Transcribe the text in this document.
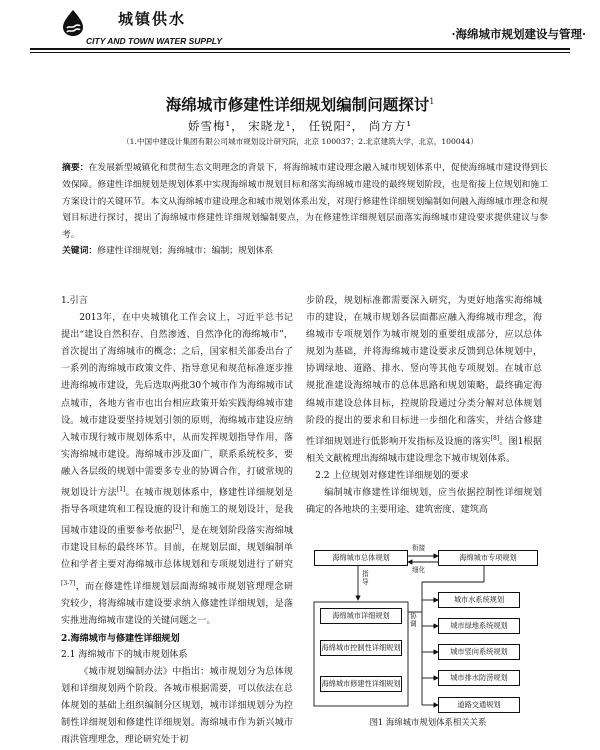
城镇供水
CITY AND TOWN WATER SUPPLY	·海绵城市规划建设与管理·
海绵城市修建性详细规划编制问题探讨$^1$
娇雪梅¹， 宋晓龙¹， 任锐阳²， 尚方方¹
（1.中国中建设计集团有限公司城市规划设计研究院，北京 100037；2.北京建筑大学，北京，100044）
摘要：在发展新型城镇化和贯彻生态文明理念的背景下，将海绵城市建设理念融入城市规划体系中，促使海绵城市建设得到长效保障。修建性详细规划是规划体系中实现海绵城市规划目标和落实海绵城市建设的最终规划阶段，也是衔接上位规划和施工方案设计的关键环节。本文从海绵城市建设理念和城市规划体系出发，对现行修建性详细规划编制如何融入海绵城市理念和规划目标进行探讨，提出了海绵城市修建性详细规划编制要点，为在修建性详细规划层面落实海绵城市建设要求提供建议与参考。
关键词：修建性详细规划；海绵城市；编制；规划体系

1.引言

2013年，在中央城镇化工作会议上，习近平总书记提出“建设自然积存、自然渗透、自然净化的海绵城市”，首次提出了海绵城市的概念；之后，国家相关部委出台了一系列的海绵城市政策文件、指导意见和规范标准逐步推进海绵城市建设，先后选取两批30个城市作为海绵城市试点城市，各地方省市也出台相应政策开始实践海绵城市建设。城市建设要坚持规划引领的原则，海绵城市建设应纳入城市现行城市规划体系中，从而发挥规划指导作用，落实海绵城市建设。海绵城市涉及面广，联系系统校多，要融入各层级的规划中需要多专业的协调合作，打破常规的规划设计方法[1]。在城市规划体系中，修建性详细规划是指导各项建筑和工程设施的设计和施工的规划设计，是我国城市建设的重要参考依据[2]，是在规划阶段落实海绵城市建设目标的最终环节。目前，在规划层面，规划编制单位和学者主要对海绵城市总体规划和专项规划进行了研究[3-7]，而在修建性详细规划层面海绵城市规划管理理念研究较少，将海绵城市建设要求纳入修建性详细规划，是落实推进海绵城市建设的关键问题之一。

2.海绵城市与修建性详细规划

2.1 海绵城市下的城市规划体系

《城市规划编制办法》中指出：城市规划分为总体规划和详细规划两个阶段。各城市根据需要，可以依法在总体规划的基础上组织编制分区规划，城市详细规划分为控制性详细规划和修建性详细规划。海绵城市作为新兴城市雨洪管理理念，理论研究处于初

步阶段，规划标准都需要深入研究，为更好地落实海绵城市的建设，在城市规划各层面都应融入海绵城市理念，海绵城市专项规划作为城市规划的重要组成部分，应以总体规划为基础，并将海绵城市建设要求反馈到总体规划中，协调绿地、道路、排水、竖向等其他专项规划。在城市总规批准建设海绵城市的总体思路和规划策略，最终确定海绵城市建设总体目标，控规阶段通过分类分解对总体规划阶段的提出的要求和目标进一步细化和落实，并结合修建性详细规划进行低影响开发指标及设施的落实[8]。图1根据相关文献梳理出海绵城市建设理念下城市规划体系。

2.2 上位规划对修建性详细规划的要求

编制城市修建性详细规划，应当依据控制性详细规划确定的各地块的主要用途、建筑密度、建筑高

海绵城市总体规划	海绵城市专项规划
衔接
细化
指导
协调
海绵城市详细规划
海绵城市控制性详细规划
海绵城市修建性详细规划
城市水系统规划
城市绿地系统规划
城市竖向系统规划
城市排水防涝规划
道路交通规划
图1 海绵城市规划体系相关关系
